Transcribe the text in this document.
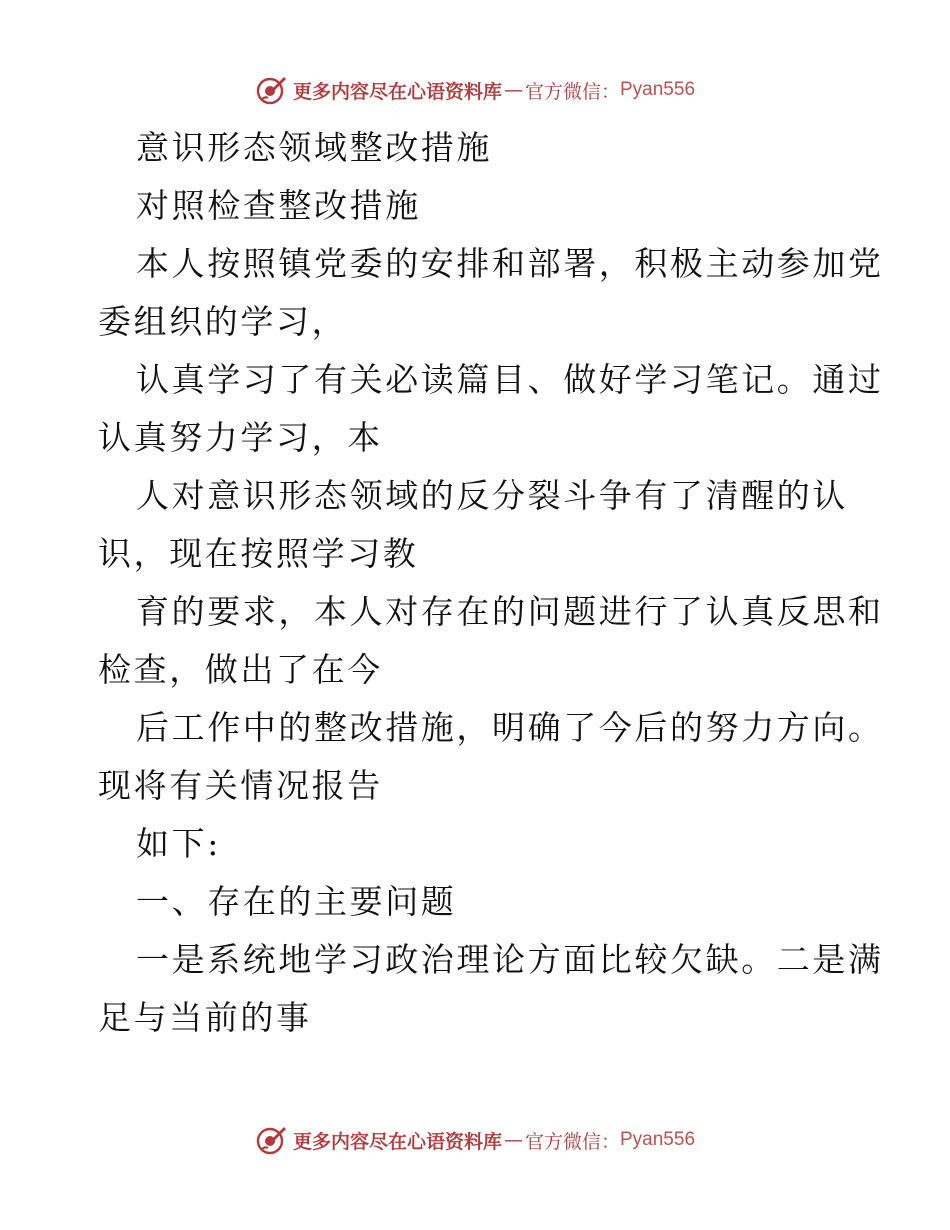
更多内容尽在心语资料库 — 官方微信： Pyan556

意识形态领域整改措施

对照检查整改措施

本人按照镇党委的安排和部署，积极主动参加党

委组织的学习，

认真学习了有关必读篇目、做好学习笔记。通过

认真努力学习，本

人对意识形态领域的反分裂斗争有了清醒的认

识，现在按照学习教

育的要求，本人对存在的问题进行了认真反思和

检查，做出了在今

后工作中的整改措施，明确了今后的努力方向。

现将有关情况报告

如下:

一、存在的主要问题

一是系统地学习政治理论方面比较欠缺。二是满

足与当前的事

更多内容尽在心语资料库 — 官方微信： Pyan556
